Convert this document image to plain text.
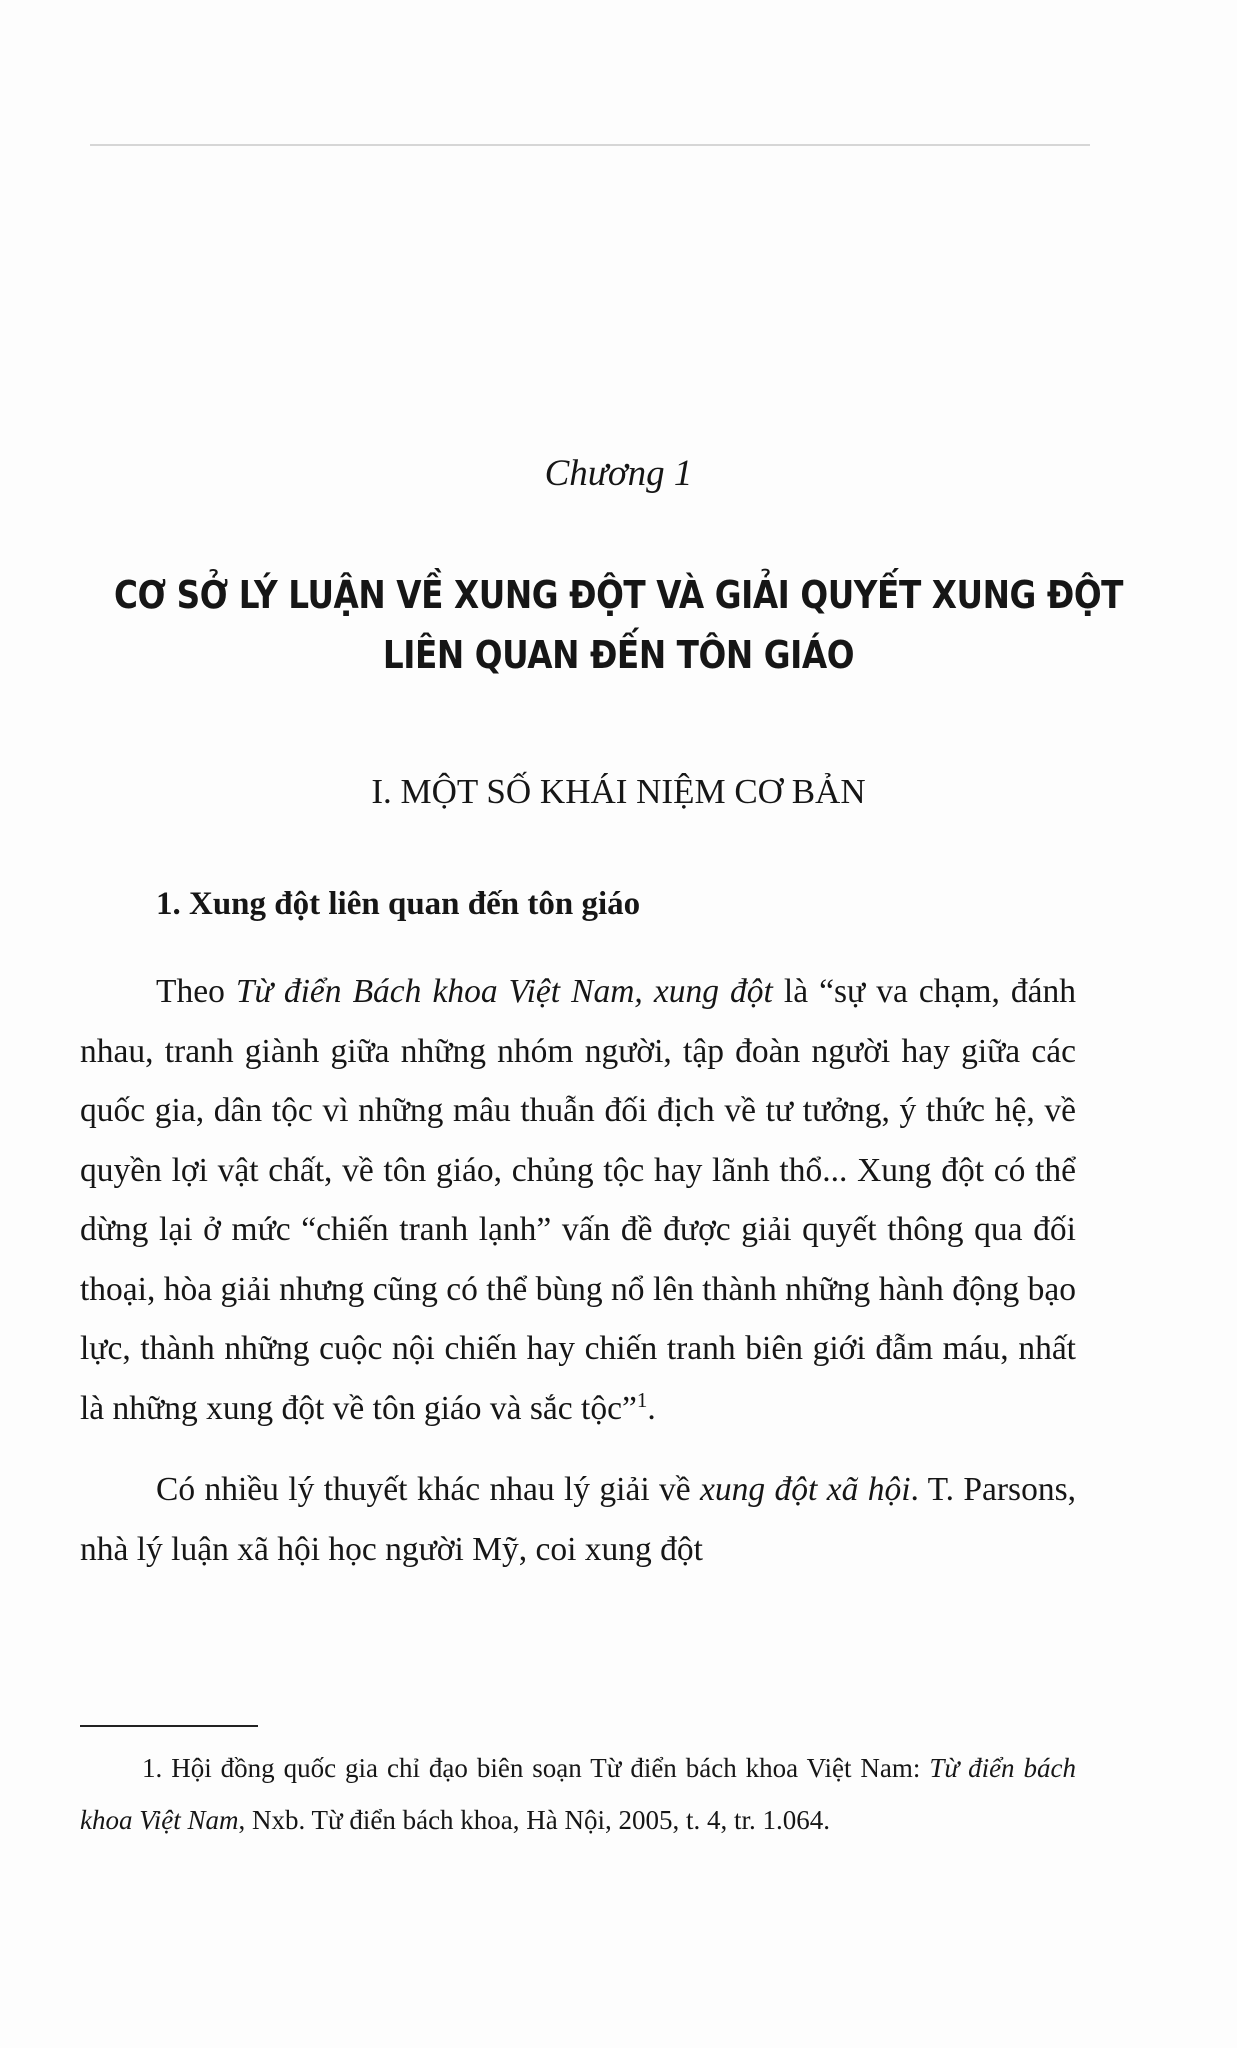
Chương 1
CƠ SỞ LÝ LUẬN VỀ XUNG ĐỘT VÀ GIẢI QUYẾT XUNG ĐỘT
LIÊN QUAN ĐẾN TÔN GIÁO
I. MỘT SỐ KHÁI NIỆM CƠ BẢN
1. Xung đột liên quan đến tôn giáo

Theo Từ điển Bách khoa Việt Nam, xung đột là “sự va chạm, đánh nhau, tranh giành giữa những nhóm người, tập đoàn người hay giữa các quốc gia, dân tộc vì những mâu thuẫn đối địch về tư tưởng, ý thức hệ, về quyền lợi vật chất, về tôn giáo, chủng tộc hay lãnh thổ... Xung đột có thể dừng lại ở mức “chiến tranh lạnh” vấn đề được giải quyết thông qua đối thoại, hòa giải nhưng cũng có thể bùng nổ lên thành những hành động bạo lực, thành những cuộc nội chiến hay chiến tranh biên giới đẫm máu, nhất là những xung đột về tôn giáo và sắc tộc”$^1$.

Có nhiều lý thuyết khác nhau lý giải về xung đột xã hội. T. Parsons, nhà lý luận xã hội học người Mỹ, coi xung đột

1. Hội đồng quốc gia chỉ đạo biên soạn Từ điển bách khoa Việt Nam: Từ điển bách khoa Việt Nam, Nxb. Từ điển bách khoa, Hà Nội, 2005, t. 4, tr. 1.064.
